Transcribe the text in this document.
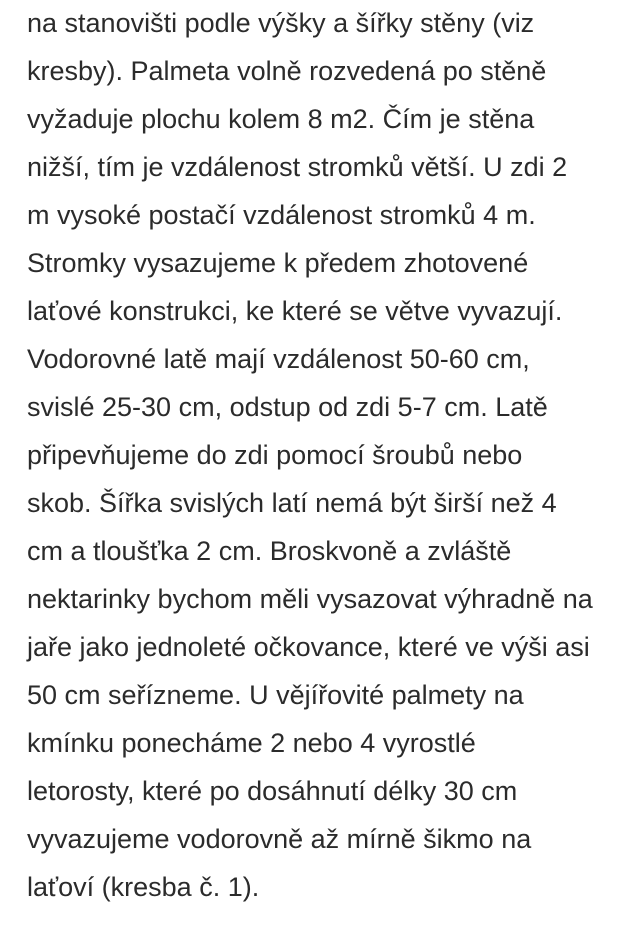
na stanovišti podle výšky a šířky stěny (viz
kresby). Palmeta volně rozvedená po stěně
vyžaduje plochu kolem 8 m2. Čím je stěna
nižší, tím je vzdálenost stromků větší. U zdi 2
m vysoké postačí vzdálenost stromků 4 m.
Stromky vysazujeme k předem zhotovené
laťové konstrukci, ke které se větve vyvazují.
Vodorovné latě mají vzdálenost 50-60 cm,
svislé 25-30 cm, odstup od zdi 5-7 cm. Latě
připevňujeme do zdi pomocí šroubů nebo
skob. Šířka svislých latí nemá být širší než 4
cm a tloušťka 2 cm. Broskvoně a zvláště
nektarinky bychom měli vysazovat výhradně na
jaře jako jednoleté očkovance, které ve výši asi
50 cm seřízneme. U vějířovité palmety na
kmínku ponecháme 2 nebo 4 vyrostlé
letorosty, které po dosáhnutí délky 30 cm
vyvazujeme vodorovně až mírně šikmo na
laťoví (kresba č. 1).
